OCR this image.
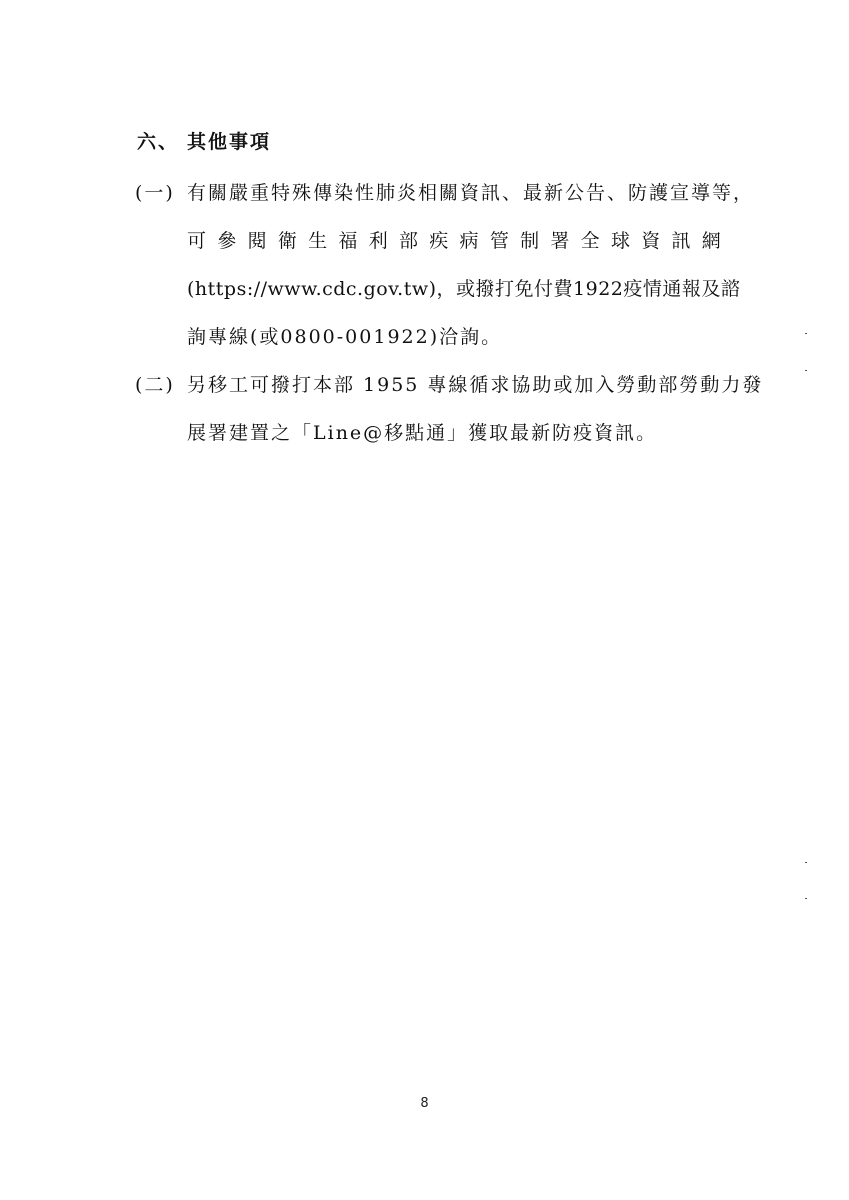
六、 其他事項
(一) 有關嚴重特殊傳染性肺炎相關資訊、最新公告、防護宣導等，
可 參 閱 衛 生 福 利 部 疾 病 管 制 署 全 球 資 訊 網
(https://www.cdc.gov.tw)，或撥打免付費1922疫情通報及諮
詢專線(或0800-001922)洽詢。
(二) 另移工可撥打本部 1955 專線循求協助或加入勞動部勞動力發
展署建置之「Line@移點通」獲取最新防疫資訊。
8
